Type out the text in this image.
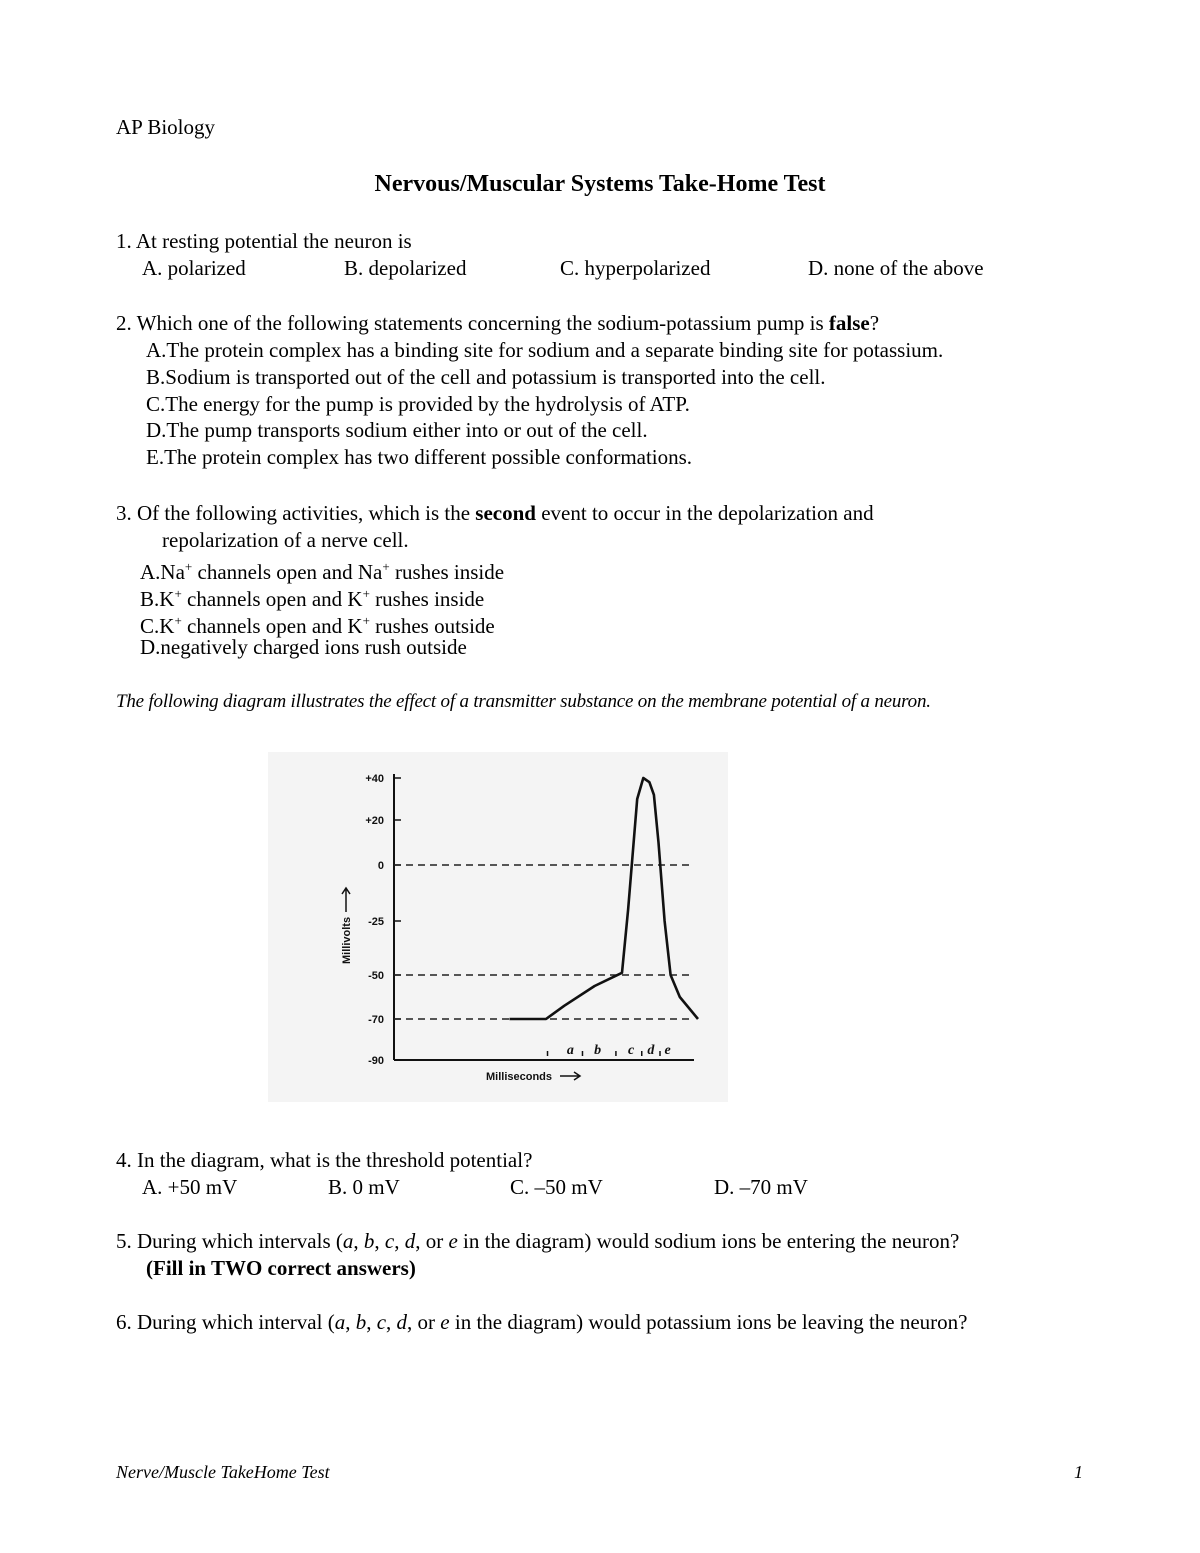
AP Biology
Nervous/Muscular Systems Take-Home Test
1. At resting potential the neuron is
A. polarized	B. depolarized	C. hyperpolarized	D. none of the above
2. Which one of the following statements concerning the sodium-potassium pump is false?
A.The protein complex has a binding site for sodium and a separate binding site for potassium.
B.Sodium is transported out of the cell and potassium is transported into the cell.
C.The energy for the pump is provided by the hydrolysis of ATP.
D.The pump transports sodium either into or out of the cell.
E.The protein complex has two different possible conformations.
3. Of the following activities, which is the second event to occur in the depolarization and
repolarization of a nerve cell.
A.Na+ channels open and Na+ rushes inside
B.K+ channels open and K+ rushes inside
C.K+ channels open and K+ rushes outside
D.negatively charged ions rush outside
The following diagram illustrates the effect of a transmitter substance on the membrane potential of a neuron.
+40
+20
0
-25
-50
-70
-90
a b c d e
Milliseconds
Millivolts
4. In the diagram, what is the threshold potential?
A. +50 mV	B. 0 mV	C. –50 mV	D. –70 mV
5. During which intervals (a, b, c, d, or e in the diagram) would sodium ions be entering the neuron?
(Fill in TWO correct answers)
6. During which interval (a, b, c, d, or e in the diagram) would potassium ions be leaving the neuron?
Nerve/Muscle TakeHome Test	1
